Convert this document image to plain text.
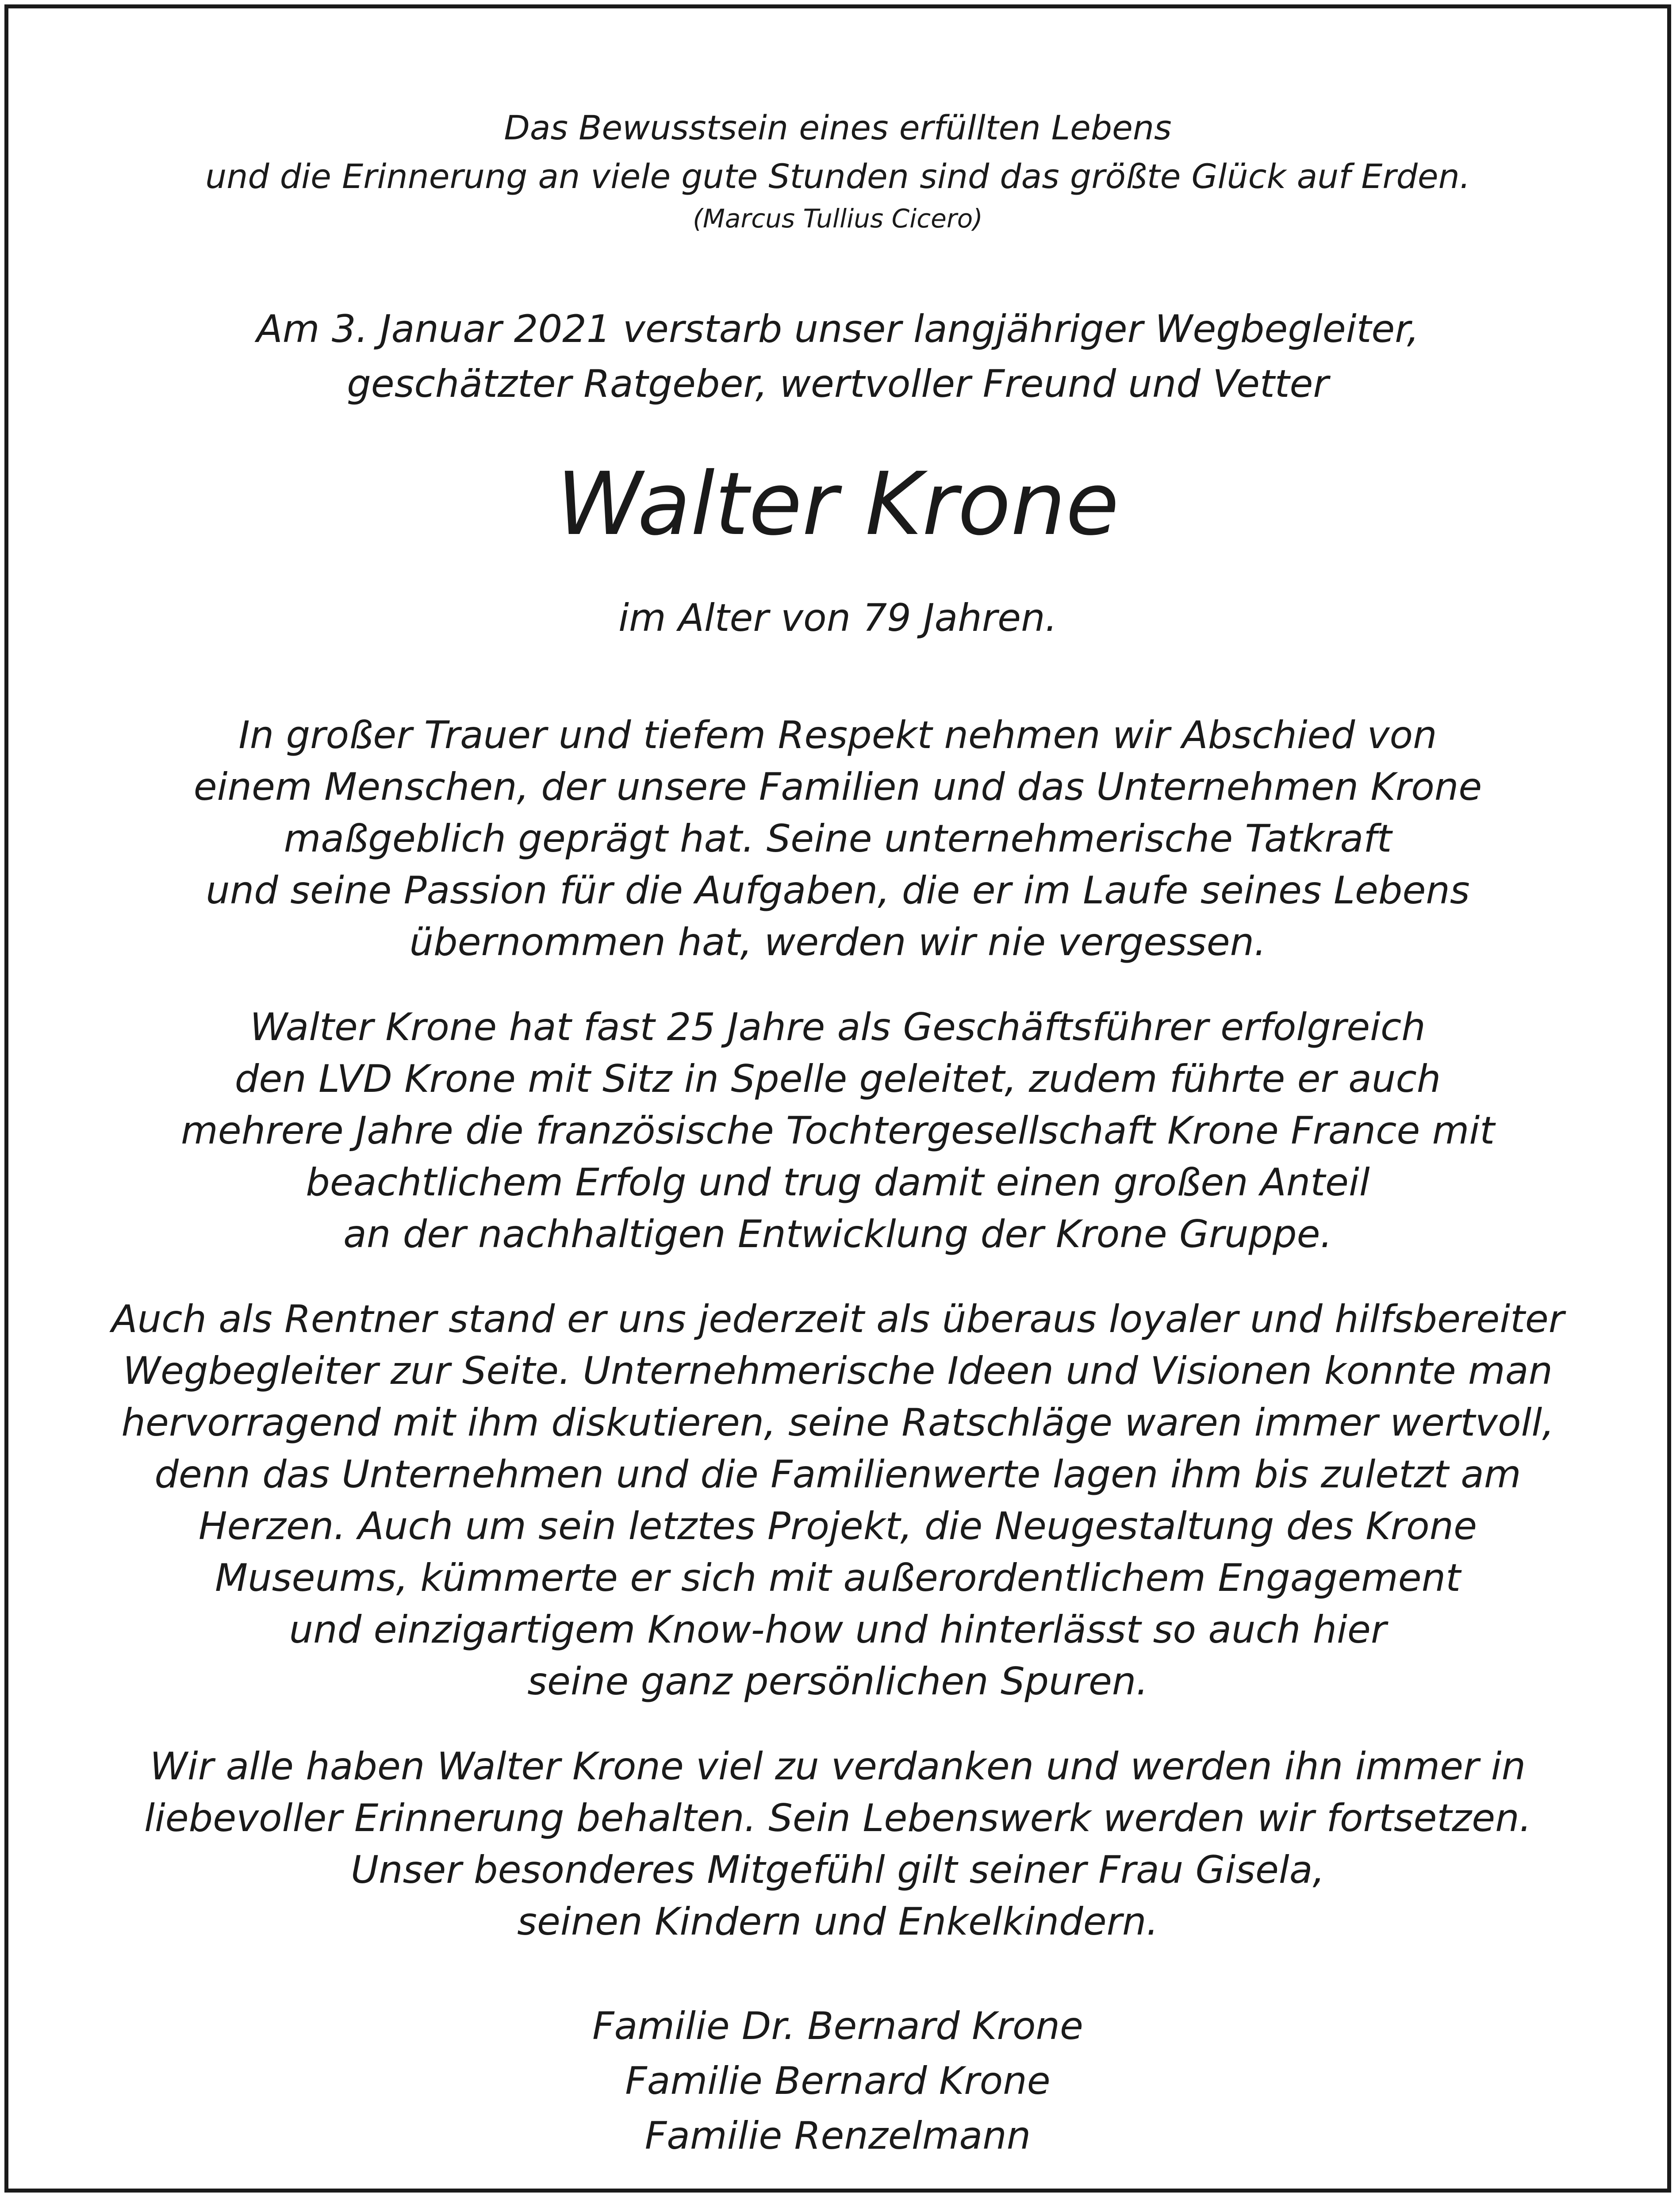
Das Bewusstsein eines erfüllten Lebens
und die Erinnerung an viele gute Stunden sind das größte Glück auf Erden.
(Marcus Tullius Cicero)
Am 3. Januar 2021 verstarb unser langjähriger Wegbegleiter,
geschätzter Ratgeber, wertvoller Freund und Vetter
Walter Krone
im Alter von 79 Jahren.
In großer Trauer und tiefem Respekt nehmen wir Abschied von
einem Menschen, der unsere Familien und das Unternehmen Krone
maßgeblich geprägt hat. Seine unternehmerische Tatkraft
und seine Passion für die Aufgaben, die er im Laufe seines Lebens
übernommen hat, werden wir nie vergessen.
Walter Krone hat fast 25 Jahre als Geschäftsführer erfolgreich
den LVD Krone mit Sitz in Spelle geleitet, zudem führte er auch
mehrere Jahre die französische Tochtergesellschaft Krone France mit
beachtlichem Erfolg und trug damit einen großen Anteil
an der nachhaltigen Entwicklung der Krone Gruppe.
Auch als Rentner stand er uns jederzeit als überaus loyaler und hilfsbereiter
Wegbegleiter zur Seite. Unternehmerische Ideen und Visionen konnte man
hervorragend mit ihm diskutieren, seine Ratschläge waren immer wertvoll,
denn das Unternehmen und die Familienwerte lagen ihm bis zuletzt am
Herzen. Auch um sein letztes Projekt, die Neugestaltung des Krone
Museums, kümmerte er sich mit außerordentlichem Engagement
und einzigartigem Know-how und hinterlässt so auch hier
seine ganz persönlichen Spuren.
Wir alle haben Walter Krone viel zu verdanken und werden ihn immer in
liebevoller Erinnerung behalten. Sein Lebenswerk werden wir fortsetzen.
Unser besonderes Mitgefühl gilt seiner Frau Gisela,
seinen Kindern und Enkelkindern.
Familie Dr. Bernard Krone
Familie Bernard Krone
Familie Renzelmann
